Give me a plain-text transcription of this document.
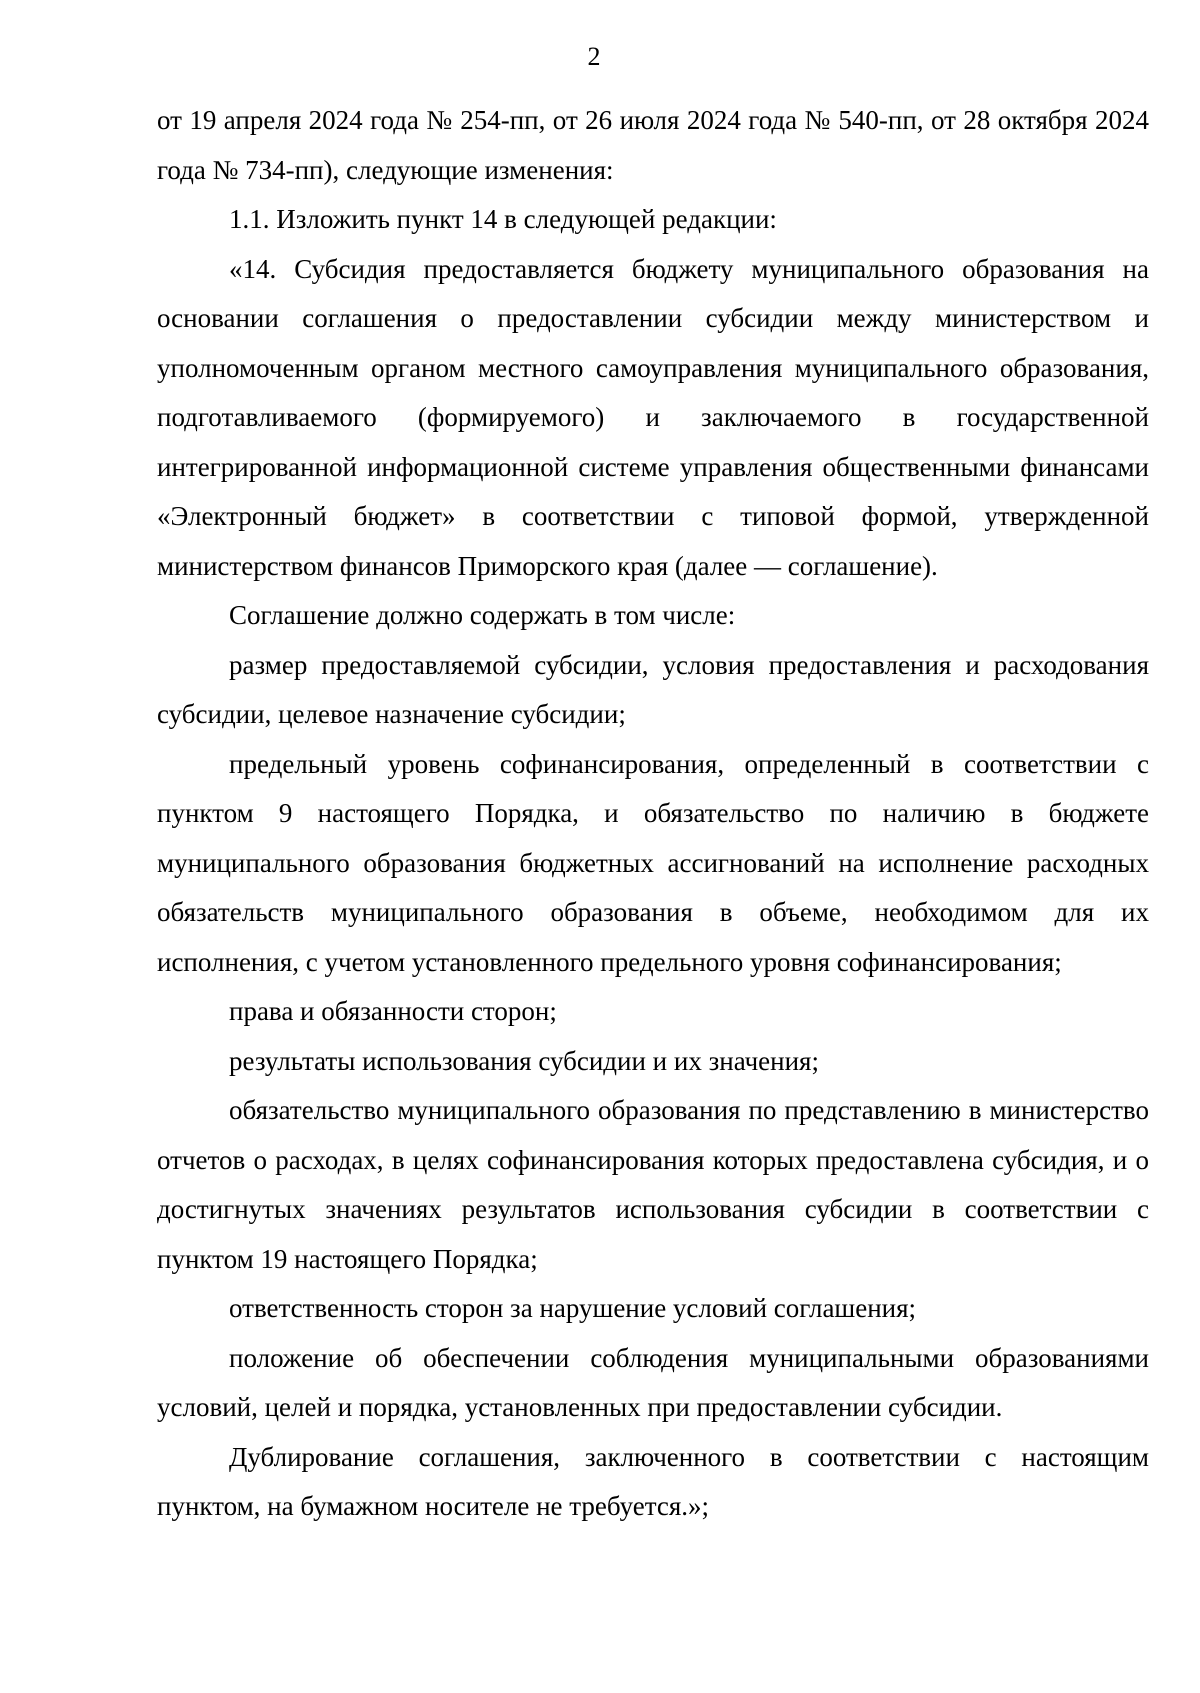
2

от 19 апреля 2024 года № 254-пп, от 26 июля 2024 года № 540-пп, от 28 октября 2024 года № 734-пп), следующие изменения:

1.1. Изложить пункт 14 в следующей редакции:

«14. Субсидия предоставляется бюджету муниципального образования на основании соглашения о предоставлении субсидии между министерством и уполномоченным органом местного самоуправления муниципального образования, подготавливаемого (формируемого) и заключаемого в государственной интегрированной информационной системе управления общественными финансами «Электронный бюджет» в соответствии с типовой формой, утвержденной министерством финансов Приморского края (далее — соглашение).

Соглашение должно содержать в том числе:

размер предоставляемой субсидии, условия предоставления и расходования субсидии, целевое назначение субсидии;

предельный уровень софинансирования, определенный в соответствии с пунктом 9 настоящего Порядка, и обязательство по наличию в бюджете муниципального образования бюджетных ассигнований на исполнение расходных обязательств муниципального образования в объеме, необходимом для их исполнения, с учетом установленного предельного уровня софинансирования;

права и обязанности сторон;

результаты использования субсидии и их значения;

обязательство муниципального образования по представлению в министерство отчетов о расходах, в целях софинансирования которых предоставлена субсидия, и о достигнутых значениях результатов использования субсидии в соответствии с пунктом 19 настоящего Порядка;

ответственность сторон за нарушение условий соглашения;

положение об обеспечении соблюдения муниципальными образованиями условий, целей и порядка, установленных при предоставлении субсидии.

Дублирование соглашения, заключенного в соответствии с настоящим пунктом, на бумажном носителе не требуется.»;
